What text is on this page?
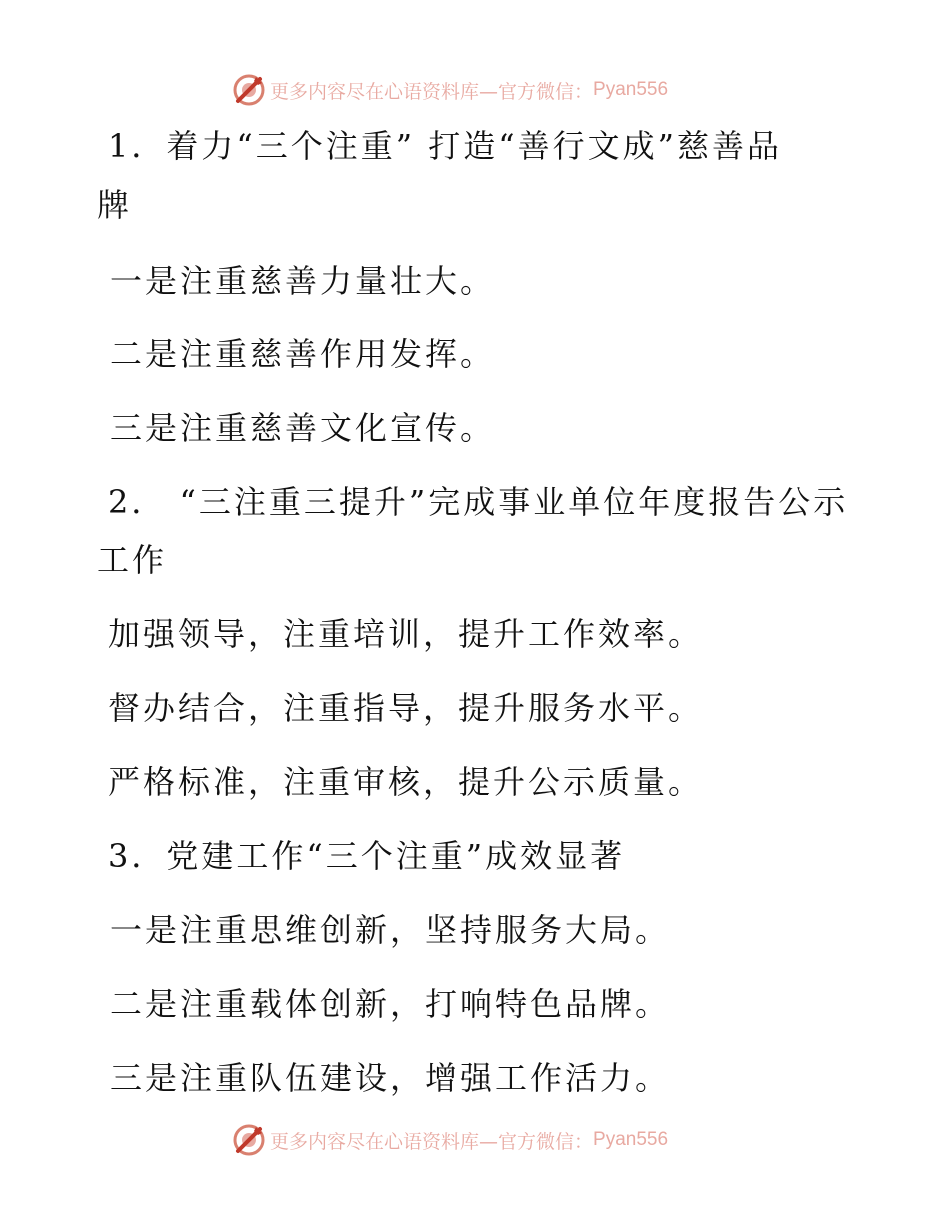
更多内容尽在心语资料库—官方微信： Pyan556
1．着力“三个注重” 打造“善行文成”慈善品
牌
一是注重慈善力量壮大。
二是注重慈善作用发挥。
三是注重慈善文化宣传。
2． “三注重三提升”完成事业单位年度报告公示
工作
加强领导，注重培训，提升工作效率。
督办结合，注重指导，提升服务水平。
严格标准，注重审核，提升公示质量。
3．党建工作“三个注重”成效显著
一是注重思维创新，坚持服务大局。
二是注重载体创新，打响特色品牌。
三是注重队伍建设，增强工作活力。
更多内容尽在心语资料库—官方微信： Pyan556
